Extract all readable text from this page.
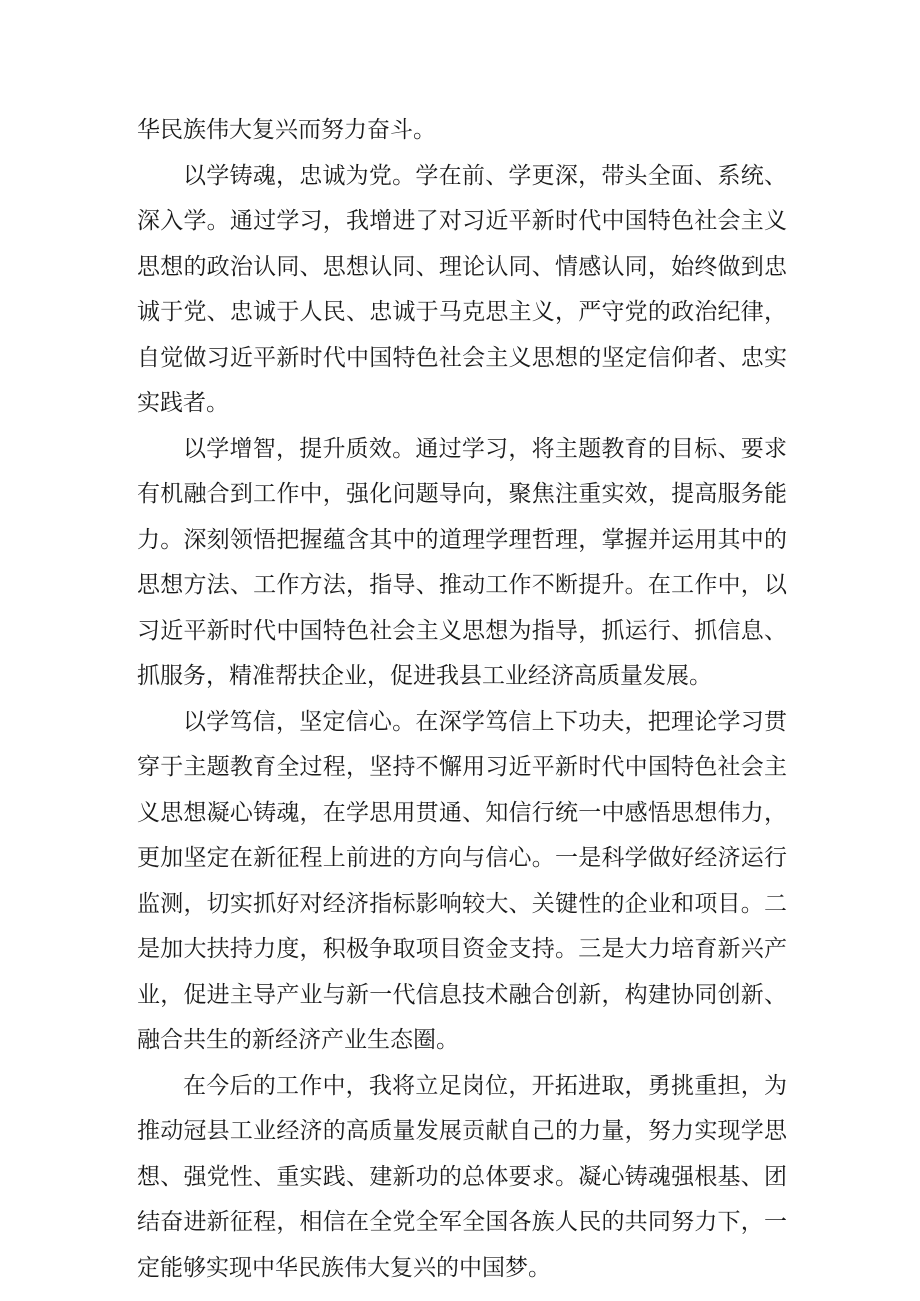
华民族伟大复兴而努力奋斗。

以学铸魂，忠诚为党。学在前、学更深，带头全面、系统、深入学。通过学习，我增进了对习近平新时代中国特色社会主义思想的政治认同、思想认同、理论认同、情感认同，始终做到忠诚于党、忠诚于人民、忠诚于马克思主义，严守党的政治纪律，自觉做习近平新时代中国特色社会主义思想的坚定信仰者、忠实实践者。

以学增智，提升质效。通过学习，将主题教育的目标、要求有机融合到工作中，强化问题导向，聚焦注重实效，提高服务能力。深刻领悟把握蕴含其中的道理学理哲理，掌握并运用其中的思想方法、工作方法，指导、推动工作不断提升。在工作中，以习近平新时代中国特色社会主义思想为指导，抓运行、抓信息、抓服务，精准帮扶企业，促进我县工业经济高质量发展。

以学笃信，坚定信心。在深学笃信上下功夫，把理论学习贯穿于主题教育全过程，坚持不懈用习近平新时代中国特色社会主义思想凝心铸魂，在学思用贯通、知信行统一中感悟思想伟力，更加坚定在新征程上前进的方向与信心。一是科学做好经济运行监测，切实抓好对经济指标影响较大、关键性的企业和项目。二是加大扶持力度，积极争取项目资金支持。三是大力培育新兴产业，促进主导产业与新一代信息技术融合创新，构建协同创新、融合共生的新经济产业生态圈。

在今后的工作中，我将立足岗位，开拓进取，勇挑重担，为推动冠县工业经济的高质量发展贡献自己的力量，努力实现学思想、强党性、重实践、建新功的总体要求。凝心铸魂强根基、团结奋进新征程，相信在全党全军全国各族人民的共同努力下，一定能够实现中华民族伟大复兴的中国梦。
